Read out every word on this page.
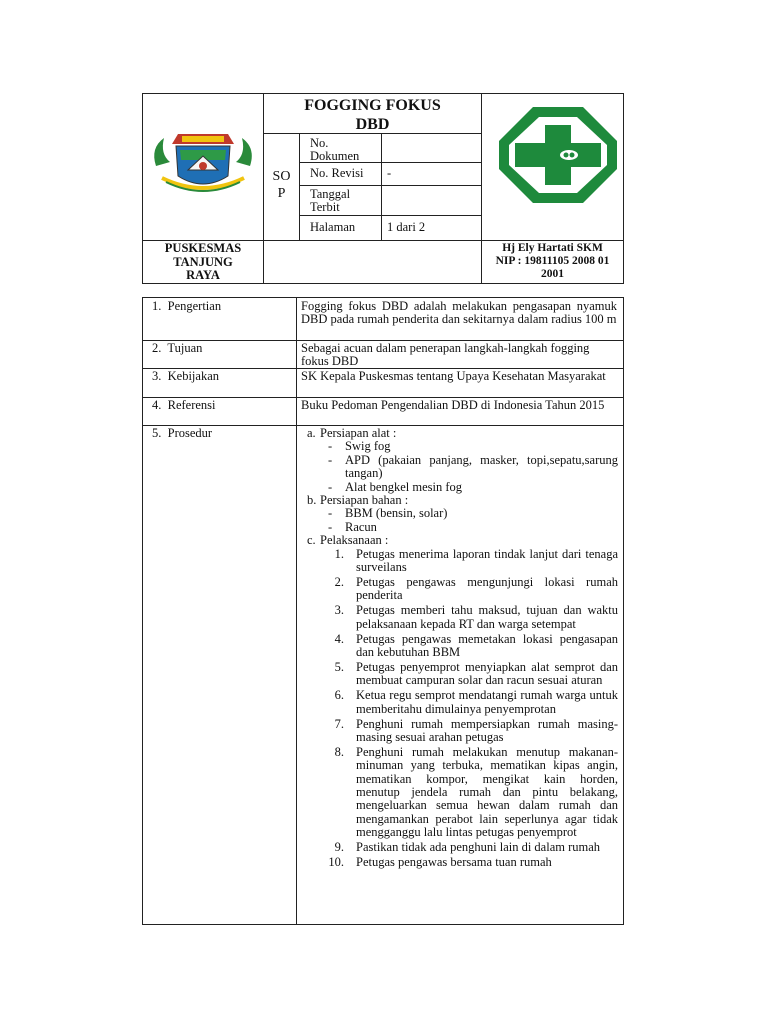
FOGGING FOKUS
DBD
SO
P
No. Dokumen
No. Revisi	-
Tanggal Terbit
Halaman	1 dari 2
PUSKESMAS
TANJUNG
RAYA
Hj Ely Hartati SKM
NIP : 19811105 2008 01
2001
1.  Pengertian
2.  Tujuan
3.  Kebijakan
4.  Referensi
5.  Prosedur
Fogging fokus DBD adalah melakukan pengasapan nyamuk DBD pada rumah penderita dan sekitarnya dalam radius 100 m
Sebagai acuan dalam penerapan langkah-langkah fogging fokus DBD
SK Kepala Puskesmas tentang Upaya Kesehatan Masyarakat
Buku Pedoman Pengendalian DBD di Indonesia Tahun 2015
a. Persiapan alat :
- Swig fog
- APD (pakaian panjang, masker, topi,sepatu,sarung tangan)
- Alat bengkel mesin fog
b. Persiapan bahan :
- BBM (bensin, solar)
- Racun
c. Pelaksanaan :
1. Petugas menerima laporan tindak lanjut dari tenaga surveilans
2. Petugas pengawas mengunjungi lokasi rumah penderita
3. Petugas memberi tahu maksud, tujuan dan waktu pelaksanaan kepada RT dan warga setempat
4. Petugas pengawas memetakan lokasi pengasapan dan kebutuhan BBM
5. Petugas penyemprot menyiapkan alat semprot dan membuat campuran solar dan racun sesuai aturan
6. Ketua regu semprot mendatangi rumah warga untuk memberitahu dimulainya penyemprotan
7. Penghuni rumah mempersiapkan rumah masing-masing sesuai arahan petugas
8. Penghuni rumah melakukan menutup makanan-minuman yang terbuka, mematikan kipas angin, mematikan kompor, mengikat kain horden, menutup jendela rumah dan pintu belakang, mengeluarkan semua hewan dalam rumah dan mengamankan perabot lain seperlunya agar tidak mengganggu lalu lintas petugas penyemprot
9. Pastikan tidak ada penghuni lain di dalam rumah
10. Petugas pengawas bersama tuan rumah
